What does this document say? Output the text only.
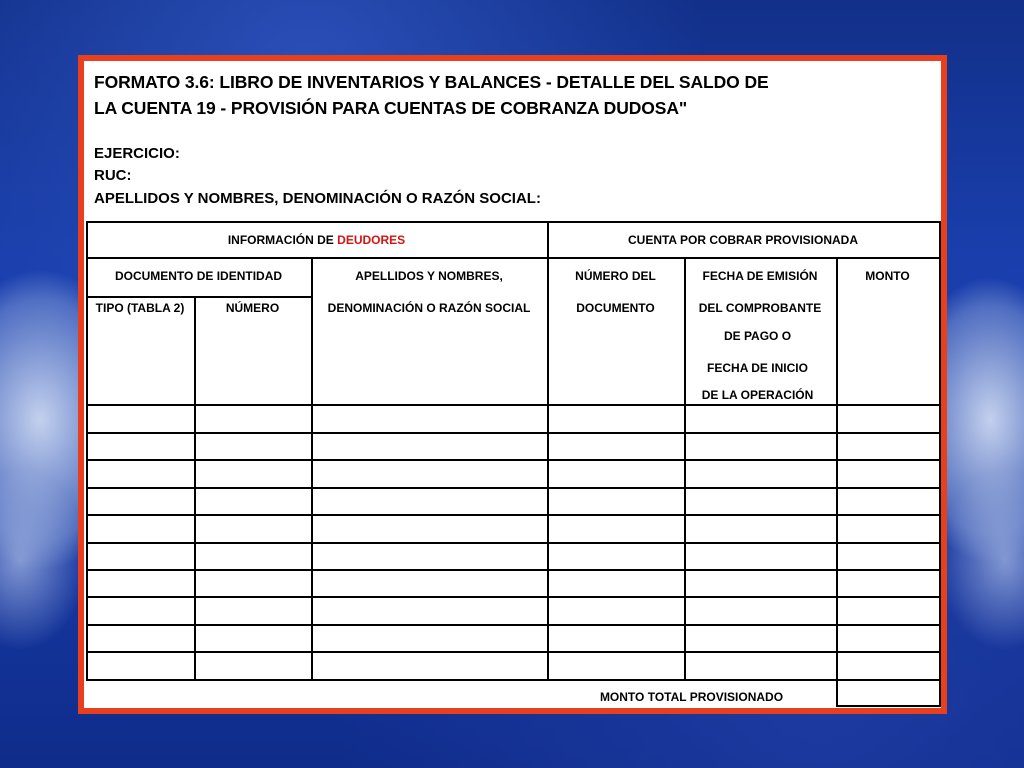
FORMATO 3.6: LIBRO DE INVENTARIOS Y BALANCES - DETALLE DEL SALDO DE
LA CUENTA 19 - PROVISIÓN PARA CUENTAS DE COBRANZA DUDOSA"
EJERCICIO:
RUC:
APELLIDOS Y NOMBRES, DENOMINACIÓN O RAZÓN SOCIAL:
INFORMACIÓN DE DEUDORES	CUENTA POR COBRAR PROVISIONADA
DOCUMENTO DE IDENTIDAD
TIPO (TABLA 2)	NÚMERO
APELLIDOS Y NOMBRES,
DENOMINACIÓN O RAZÓN SOCIAL
NÚMERO DEL
DOCUMENTO
FECHA DE EMISIÓN
DEL COMPROBANTE
DE PAGO O
FECHA DE INICIO
DE LA OPERACIÓN
MONTO
MONTO TOTAL PROVISIONADO
